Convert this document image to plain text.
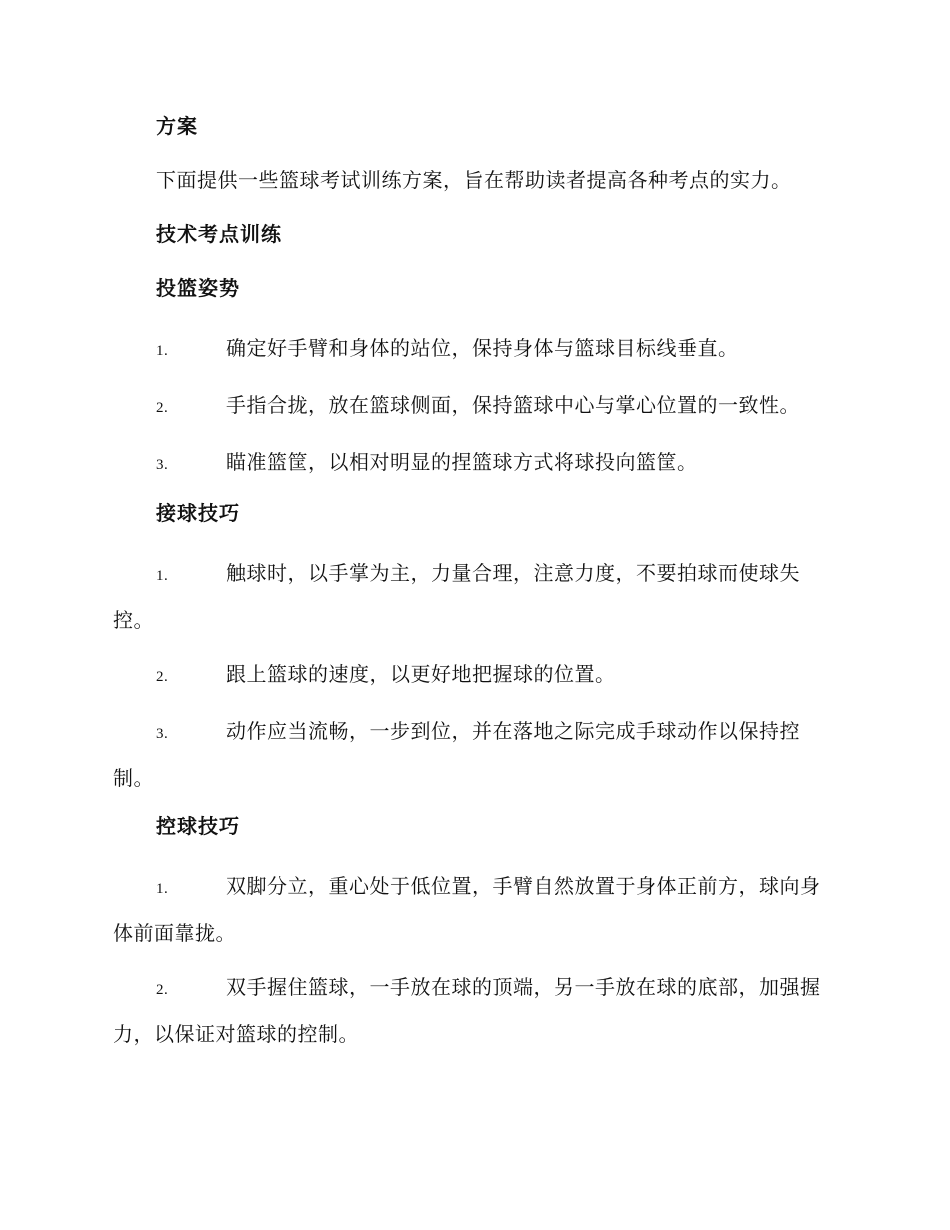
方案
下面提供一些篮球考试训练方案，旨在帮助读者提高各种考点的实力。
技术考点训练
投篮姿势
1.	确定好手臂和身体的站位，保持身体与篮球目标线垂直。
2.	手指合拢，放在篮球侧面，保持篮球中心与掌心位置的一致性。
3.	瞄准篮筐，以相对明显的捏篮球方式将球投向篮筐。
接球技巧
1.	触球时，以手掌为主，力量合理，注意力度，不要拍球而使球失控。
2.	跟上篮球的速度，以更好地把握球的位置。
3.	动作应当流畅，一步到位，并在落地之际完成手球动作以保持控制。
控球技巧
1.	双脚分立，重心处于低位置，手臂自然放置于身体正前方，球向身体前面靠拢。
2.	双手握住篮球，一手放在球的顶端，另一手放在球的底部，加强握力，以保证对篮球的控制。
